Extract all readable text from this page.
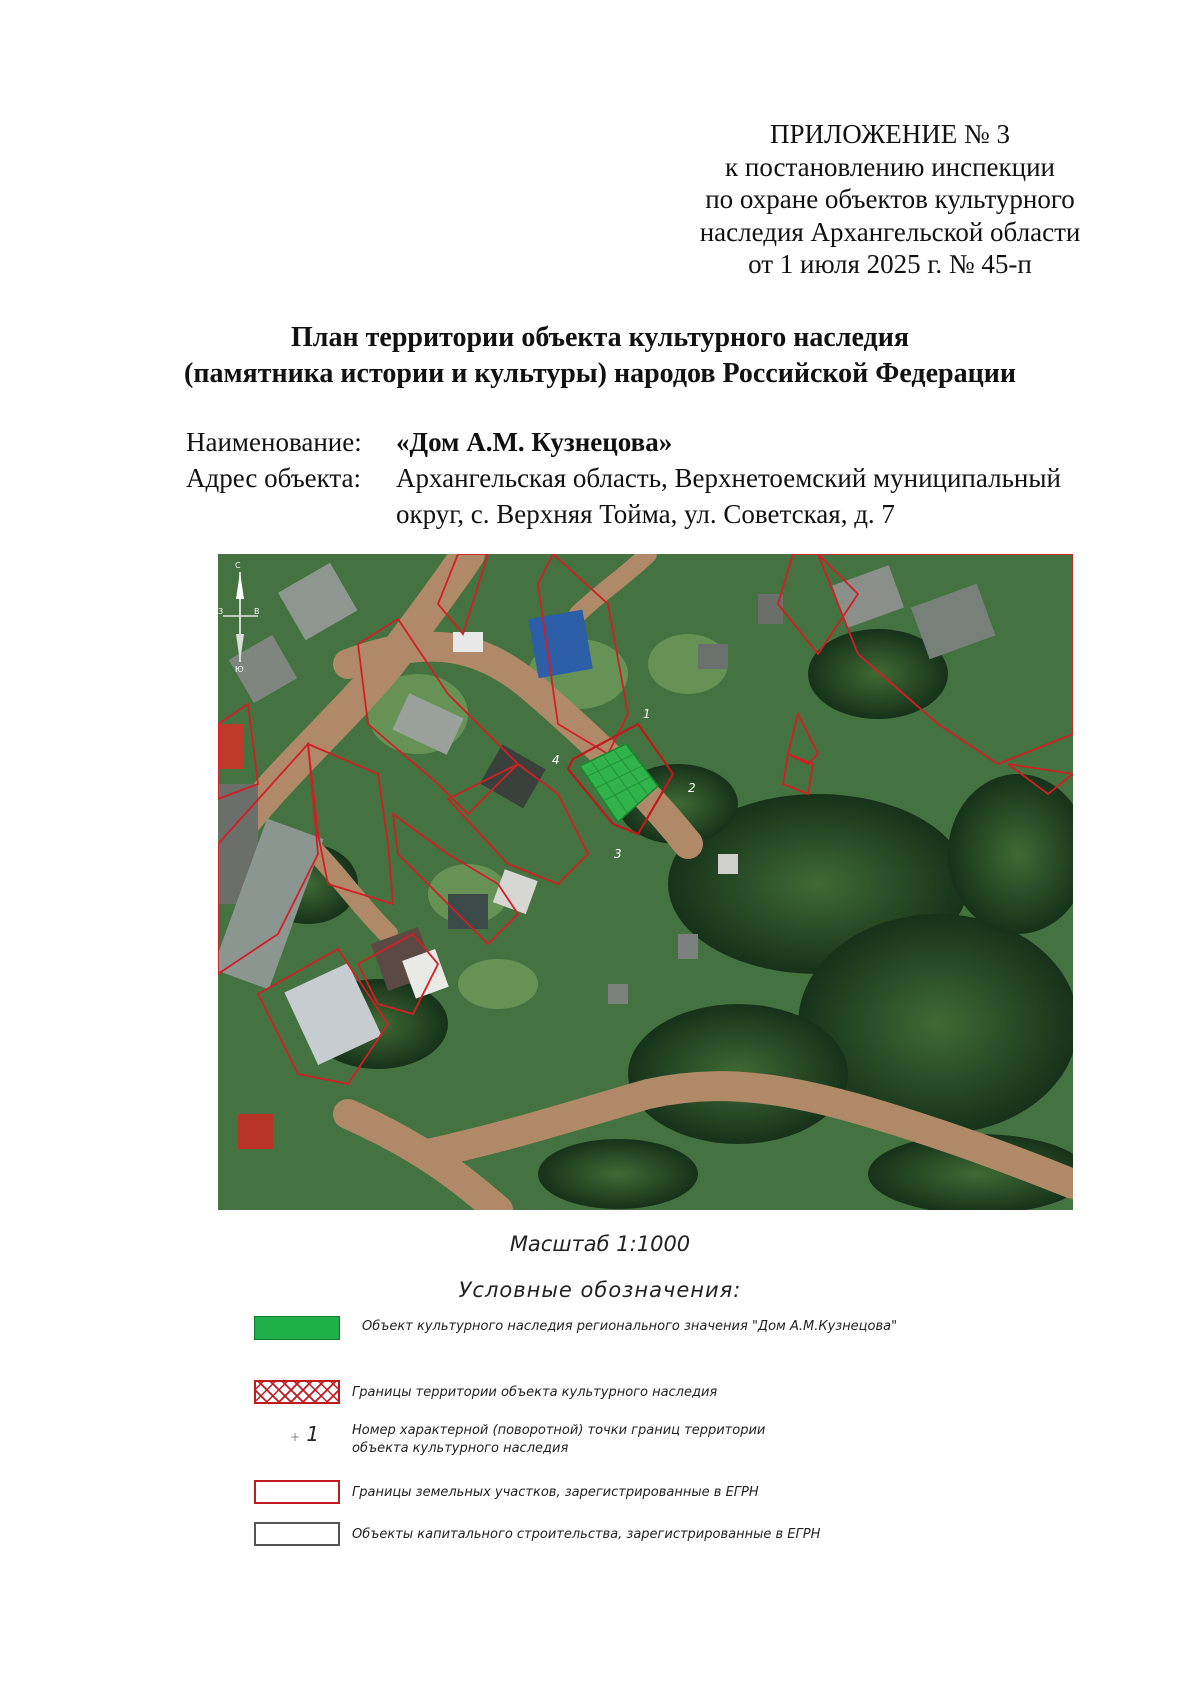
ПРИЛОЖЕНИЕ № 3
к постановлению инспекции
по охране объектов культурного
наследия Архангельской области
от 1 июля 2025 г. № 45-п
План территории объекта культурного наследия
(памятника истории и культуры) народов Российской Федерации
Наименование:	«Дом А.М. Кузнецова»
Адрес объекта:	Архангельская область, Верхнетоемский муниципальный округ, с. Верхняя Тойма, ул. Советская, д. 7
1
2
3
4
С
Ю
З	В
Масштаб 1:1000
Условные обозначения:
Объект культурного наследия регионального значения "Дом А.М.Кузнецова"
Границы территории объекта культурного наследия
+ 1	Номер характерной (поворотной) точки границ территории объекта культурного наследия
Границы земельных участков, зарегистрированные в ЕГРН
Объекты капитального строительства, зарегистрированные в ЕГРН
